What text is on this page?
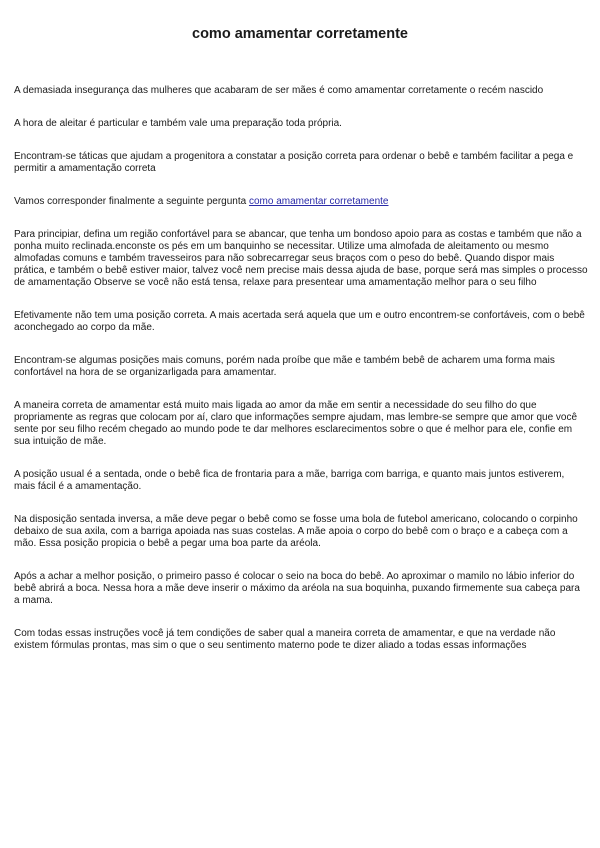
como amamentar corretamente

A demasiada insegurança das mulheres que acabaram de ser mães é como amamentar corretamente o recém nascido

A hora de aleitar é particular e também vale uma preparação toda própria.

Encontram-se táticas que ajudam a progenitora a constatar a posição correta para ordenar o bebê e também facilitar a pega e permitir a amamentação correta

Vamos corresponder finalmente a seguinte pergunta como amamentar corretamente

Para principiar, defina um região confortável para se abancar, que tenha um bondoso apoio para as costas e também que não a ponha muito reclinada.enconste os pés em um banquinho se necessitar. Utilize uma almofada de aleitamento ou mesmo almofadas comuns e também travesseiros para não sobrecarregar seus braços com o peso do bebê. Quando dispor mais prática, e também o bebê estiver maior, talvez você nem precise mais dessa ajuda de base, porque será mas simples o processo de amamentação Observe se você não está tensa, relaxe para presentear uma amamentação melhor para o seu filho

Efetivamente não tem uma posição correta. A mais acertada será aquela que um e outro encontrem-se confortáveis, com o bebê aconchegado ao corpo da mãe.

Encontram-se algumas posições mais comuns, porém nada proíbe que mãe e também bebê de acharem uma forma mais confortável na hora de se organizarligada para amamentar.

A maneira correta de amamentar está muito mais ligada ao amor da mãe em sentir a necessidade do seu filho do que propriamente as regras que colocam por aí, claro que informações sempre ajudam, mas lembre-se sempre que amor que você sente por seu filho recém chegado ao mundo pode te dar melhores esclarecimentos sobre o que é melhor para ele, confie em sua intuição de mãe.

A posição usual é a sentada, onde o bebê fica de frontaria para a mãe, barriga com barriga, e quanto mais juntos estiverem, mais fácil é a amamentação.

Na disposição sentada inversa, a mãe deve pegar o bebê como se fosse uma bola de futebol americano, colocando o corpinho debaixo de sua axila, com a barriga apoiada nas suas costelas. A mãe apoia o corpo do bebê com o braço e a cabeça com a mão. Essa posição propicia o bebê a pegar uma boa parte da aréola.

Após a achar a melhor posição, o primeiro passo é colocar o seio na boca do bebê. Ao aproximar o mamilo no lábio inferior do bebê abrirá a boca. Nessa hora a mãe deve inserir o máximo da aréola na sua boquinha, puxando firmemente sua cabeça para a mama.

Com todas essas instruções você já tem condições de saber qual a maneira correta de amamentar, e que na verdade não existem fórmulas prontas, mas sim o que o seu sentimento materno pode te dizer aliado a todas essas informações
